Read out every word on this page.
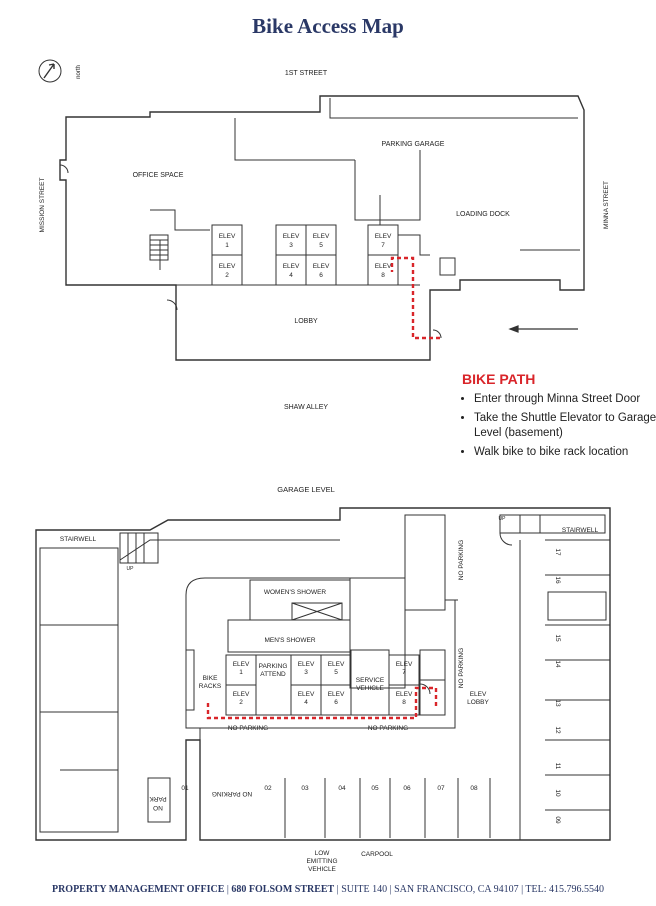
Bike Access Map
north	1ST STREET
MISSION STREET	MINNA STREET
SHAW ALLEY
PARKING GARAGE
OFFICE SPACE
LOADING DOCK
LOBBY
ELEV
1
ELEV
2
ELEV
3
ELEV
5
ELEV
4
ELEV
6
ELEV
7
ELEV
8
GARAGE LEVEL
STAIRWELL
STAIRWELL
UP
UP
WOMEN'S SHOWER
MEN'S SHOWER
PARKING
ATTEND
SERVICE
VEHICLE
BIKE
RACKS
ELEV
LOBBY
NO PARKING	NO PARKING
NO PARKING
NO PARKING
NO PARKING
NO
PARK
LOW
EMITTING
VEHICLE
CARPOOL
ELEV
1
ELEV
2
ELEV
3
ELEV
5
ELEV
4
ELEV
6
ELEV
7
ELEV
8
01	02	03	04	05	06	07	08
17
16
15
14
13
12
11
10
09
BIKE PATH
• Enter through Minna Street Door
• Take the Shuttle Elevator to Garage Level (basement)
• Walk bike to bike rack location
PROPERTY MANAGEMENT OFFICE | 680 FOLSOM STREET | SUITE 140 | SAN FRANCISCO, CA 94107 | TEL: 415.796.5540
